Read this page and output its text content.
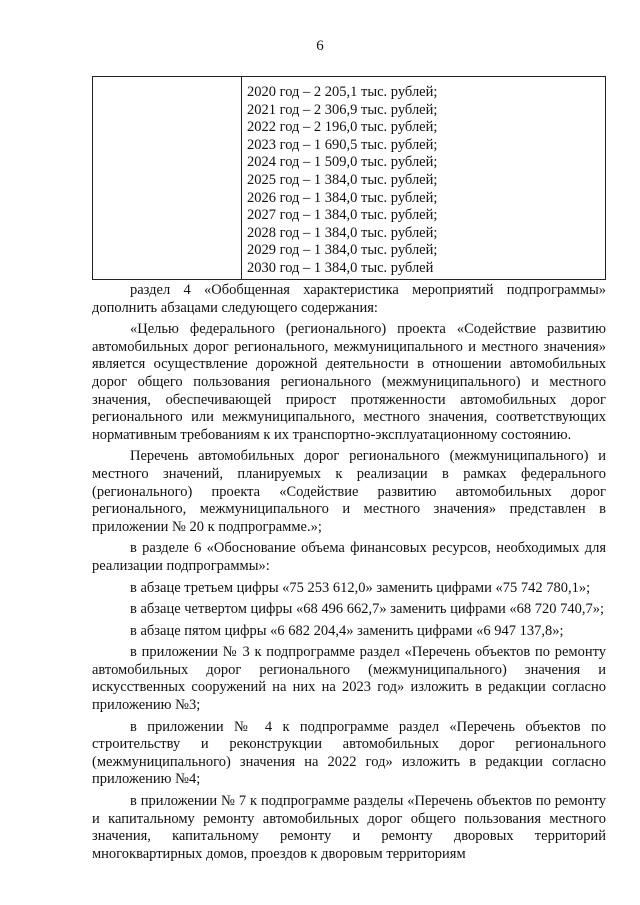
6
2020 год – 2 205,1 тыс. рублей;
2021 год – 2 306,9 тыс. рублей;
2022 год – 2 196,0 тыс. рублей;
2023 год – 1 690,5 тыс. рублей;
2024 год – 1 509,0 тыс. рублей;
2025 год – 1 384,0 тыс. рублей;
2026 год – 1 384,0 тыс. рублей;
2027 год – 1 384,0 тыс. рублей;
2028 год – 1 384,0 тыс. рублей;
2029 год – 1 384,0 тыс. рублей;
2030 год – 1 384,0 тыс. рублей

раздел 4 «Обобщенная характеристика мероприятий подпрограммы» дополнить абзацами следующего содержания:

«Целью федерального (регионального) проекта «Содействие развитию автомобильных дорог регионального, межмуниципального и местного значения» является осуществление дорожной деятельности в отношении автомобильных дорог общего пользования регионального (межмуниципального) и местного значения, обеспечивающей прирост протяженности автомобильных дорог регионального или межмуниципального, местного значения, соответствующих нормативным требованиям к их транспортно-эксплуатационному состоянию.

Перечень автомобильных дорог регионального (межмуниципального) и местного значений, планируемых к реализации в рамках федерального (регионального) проекта «Содействие развитию автомобильных дорог регионального, межмуниципального и местного значения» представлен в приложении № 20 к подпрограмме.»;

в разделе 6 «Обоснование объема финансовых ресурсов, необходимых для реализации подпрограммы»:

в абзаце третьем цифры «75 253 612,0» заменить цифрами «75 742 780,1»;

в абзаце четвертом цифры «68 496 662,7» заменить цифрами «68 720 740,7»;

в абзаце пятом цифры «6 682 204,4» заменить цифрами «6 947 137,8»;

в приложении № 3 к подпрограмме раздел «Перечень объектов по ремонту автомобильных дорог регионального (межмуниципального) значения и искусственных сооружений на них на 2023 год» изложить в редакции согласно приложению №3;

в приложении № 4 к подпрограмме раздел «Перечень объектов по строительству и реконструкции автомобильных дорог регионального (межмуниципального) значения на 2022 год» изложить в редакции согласно приложению №4;

в приложении № 7 к подпрограмме разделы «Перечень объектов по ремонту и капитальному ремонту автомобильных дорог общего пользования местного значения, капитальному ремонту и ремонту дворовых территорий многоквартирных домов, проездов к дворовым территориям
